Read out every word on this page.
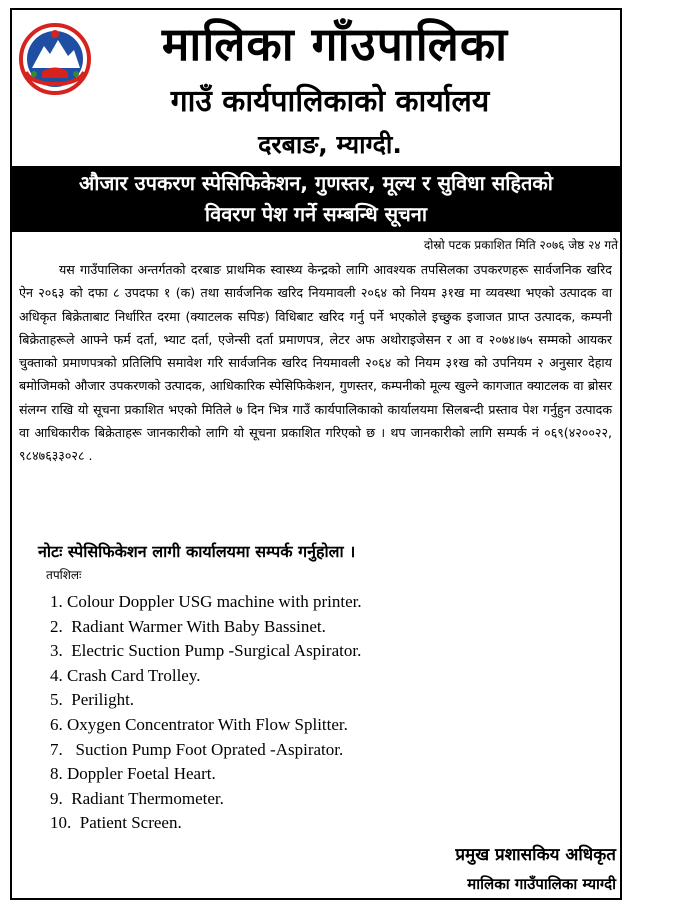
मालिका गाँउपालिका
गाउँ कार्यपालिकाको कार्यालय
दरबाङ, म्याग्दी.
औजार उपकरण स्पेसिफिकेशन, गुणस्तर, मूल्य र सुविधा सहितको
विवरण पेश गर्ने सम्बन्धि सूचना
दोस्रो पटक प्रकाशित मिति २०७६ जेष्ठ २४ गते

यस गाउँपालिका अन्तर्गतको दरबाङ प्राथमिक स्वास्थ्य केन्द्रको लागि आवश्यक तपसिलका उपकरणहरू सार्वजनिक खरिद ऐन २०६३ को दफा ८ उपदफा १ (क) तथा सार्वजनिक खरिद नियमावली २०६४ को नियम ३१ख मा व्यवस्था भएको उत्पादक वा अधिकृत बिक्रेताबाट निर्धारित दरमा (क्याटलक सपिङ) विधिबाट खरिद गर्नु पर्ने भएकोले इच्छुक इजाजत प्राप्त उत्पादक, कम्पनी बिक्रेताहरूले आफ्ने फर्म दर्ता, भ्याट दर्ता, एजेन्सी दर्ता प्रमाणपत्र, लेटर अफ अथोराइजेसन र आ व २०७४।७५ सम्मको आयकर चुक्ताको प्रमाणपत्रको प्रतिलिपि समावेश गरि सार्वजनिक खरिद नियमावली २०६४ को नियम ३१ख को उपनियम २ अनुसार देहाय बमोजिमको औजार उपकरणको उत्पादक, आधिकारिक स्पेसिफिकेशन, गुणस्तर, कम्पनीको मूल्य खुल्ने कागजात क्याटलक वा ब्रोसर संलग्न राखि यो सूचना प्रकाशित भएको मितिले ७ दिन भित्र गाउँ कार्यपालिकाको कार्यालयमा सिलबन्दी प्रस्ताव पेश गर्नुहुन उत्पादक वा आधिकारीक बिक्रेताहरू जानकारीको लागि यो सूचना प्रकाशित गरिएको छ । थप जानकारीको लागि सम्पर्क नं ०६९(४२००२२, ९८४७६३३०२८ .

नोटः स्पेसिफिकेशन लागी कार्यालयमा सम्पर्क गर्नुहोला ।
तपशिलः
1. Colour Doppler USG machine with printer.
2.  Radiant Warmer With Baby Bassinet.
3.  Electric Suction Pump -Surgical Aspirator.
4. Crash Card Trolley.
5.  Perilight.
6. Oxygen Concentrator With Flow Splitter.
7.   Suction Pump Foot Oprated -Aspirator.
8. Doppler Foetal Heart.
9.  Radiant Thermometer.
10.  Patient Screen.
प्रमुख प्रशासकिय अधिकृत
मालिका गाउँपालिका म्याग्दी
